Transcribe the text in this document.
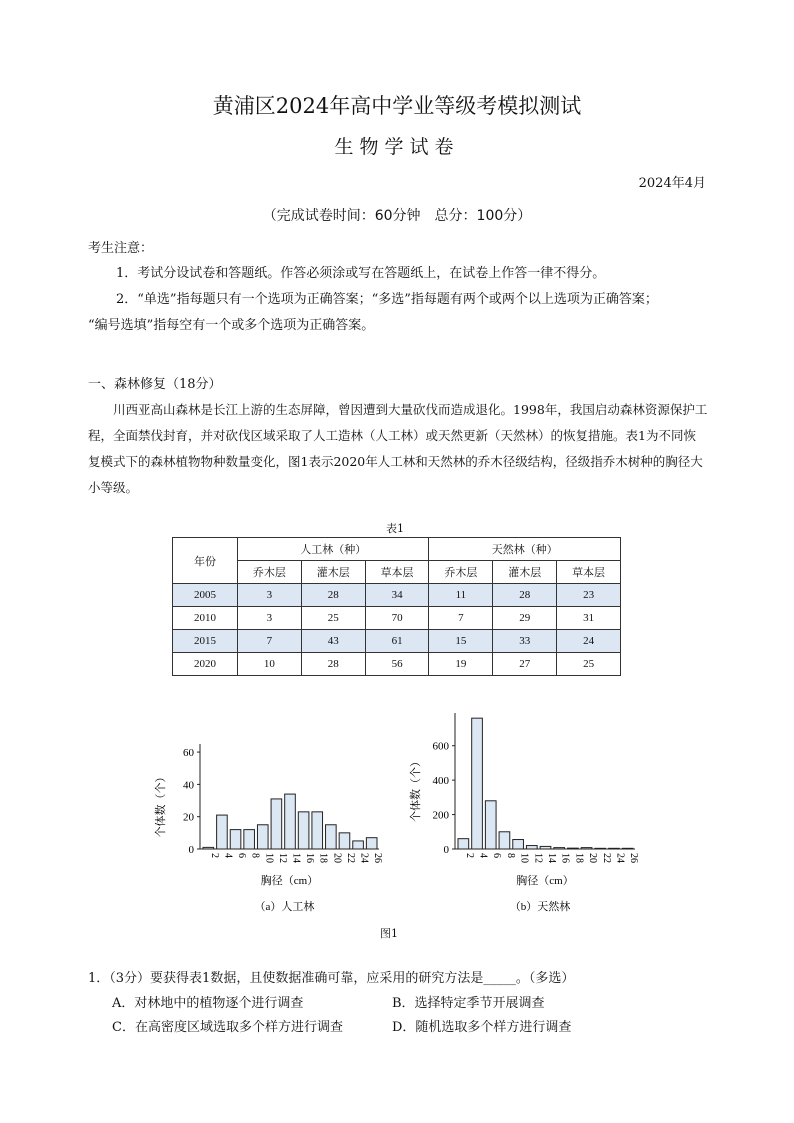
黄浦区2024年高中学业等级考模拟测试
生物学试卷
2024年4月
（完成试卷时间：60分钟　总分：100分）
考生注意：
1．考试分设试卷和答题纸。作答必须涂或写在答题纸上，在试卷上作答一律不得分。
2．“单选”指每题只有一个选项为正确答案；“多选”指每题有两个或两个以上选项为正确答案；
“编号选填”指每空有一个或多个选项为正确答案。
一、森林修复（18分）
川西亚高山森林是长江上游的生态屏障，曾因遭到大量砍伐而造成退化。1998年，我国启动森林资源保护工程，全面禁伐封育，并对砍伐区域采取了人工造林（人工林）或天然更新（天然林）的恢复措施。表1为不同恢复模式下的森林植物物种数量变化，图1表示2020年人工林和天然林的乔木径级结构，径级指乔木树种的胸径大小等级。
表1
年份	人工林（种）			天然林（种）		
	乔木层	灌木层	草本层	乔木层	灌木层	草本层
2005	3	28	34	11	28	23
2010	3	25	70	7	29	31
2015	7	43	61	15	33	24
2020	10	28	56	19	27	25
0
20
40
60
2 4 6 8 10 12 14 16 18 20 22 24 26
个体数（个）
胸径（cm）
（a）人工林
0
200
400
600
2 4 6 8 10 12 14 16 18 20 22 24 26
个体数（个）
胸径（cm）
（b）天然林
图1
1．（3分）要获得表1数据，且使数据准确可靠，应采用的研究方法是_____。（多选）
A．对林地中的植物逐个进行调查	B．选择特定季节开展调查
C．在高密度区域选取多个样方进行调查	D．随机选取多个样方进行调查
